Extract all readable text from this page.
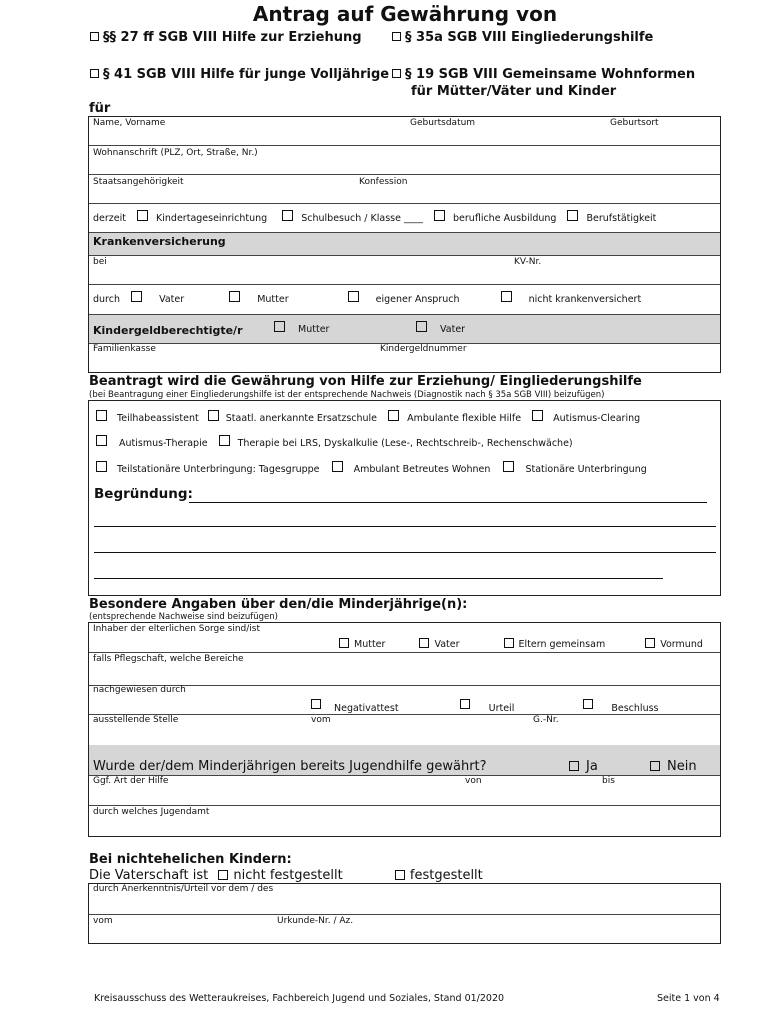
Antrag auf Gewährung von
§§ 27 ff SGB VIII Hilfe zur Erziehung	§ 35a SGB VIII Eingliederungshilfe
§ 41 SGB VIII Hilfe für junge Volljährige	§ 19 SGB VIII Gemeinsame Wohnformen
für Mütter/Väter und Kinder
für
Name, Vorname	Geburtsdatum	Geburtsort
Wohnanschrift (PLZ, Ort, Straße, Nr.)
Staatsangehörigkeit	Konfession
derzeit	Kindertageseinrichtung	Schulbesuch / Klasse ____	berufliche Ausbildung	Berufstätigkeit
Krankenversicherung
bei	KV-Nr.
durch	Vater	Mutter	eigener Anspruch	nicht krankenversichert
Kindergeldberechtigte/r	Mutter	Vater
Familienkasse	Kindergeldnummer
Beantragt wird die Gewährung von Hilfe zur Erziehung/ Eingliederungshilfe
(bei Beantragung einer Eingliederungshilfe ist der entsprechende Nachweis (Diagnostik nach § 35a SGB VIII) beizufügen)
Teilhabeassistent	Staatl. anerkannte Ersatzschule	Ambulante flexible Hilfe	Autismus-Clearing
Autismus-Therapie	Therapie bei LRS, Dyskalkulie (Lese-, Rechtschreib-, Rechenschwäche)
Teilstationäre Unterbringung: Tagesgruppe	Ambulant Betreutes Wohnen	Stationäre Unterbringung
Begründung:
Besondere Angaben über den/die Minderjährige(n):
(entsprechende Nachweise sind beizufügen)
Inhaber der elterlichen Sorge sind/ist
Mutter	Vater	Eltern gemeinsam	Vormund
falls Pflegschaft, welche Bereiche
nachgewiesen durch
Negativattest	Urteil	Beschluss
ausstellende Stelle	vom	G.-Nr.
Wurde der/dem Minderjährigen bereits Jugendhilfe gewährt?	Ja	Nein
Ggf. Art der Hilfe	von	bis
durch welches Jugendamt
Bei nichtehelichen Kindern:
Die Vaterschaft ist nicht festgestellt	festgestellt
durch Anerkenntnis/Urteil vor dem / des
vom	Urkunde-Nr. / Az.
Kreisausschuss des Wetteraukreises, Fachbereich Jugend und Soziales, Stand 01/2020	Seite 1 von 4
